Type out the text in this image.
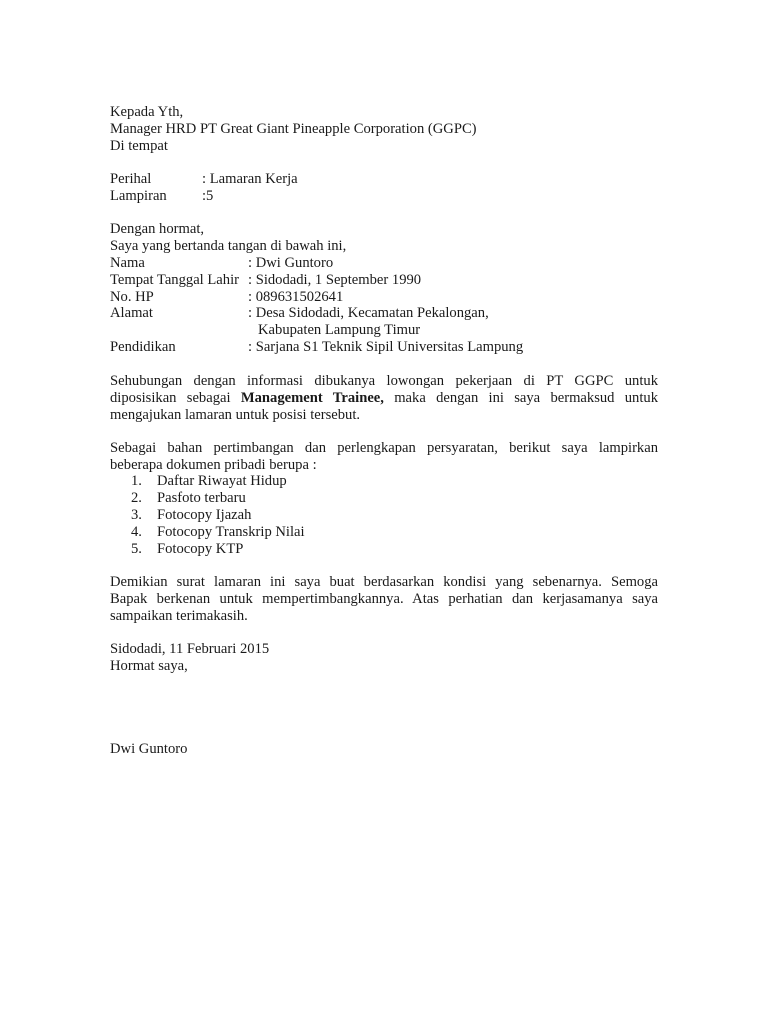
Kepada Yth,
Manager HRD PT Great Giant Pineapple Corporation (GGPC)
Di tempat
Perihal	: Lamaran Kerja
Lampiran :5
Dengan hormat,
Saya yang bertanda tangan di bawah ini,
Nama	: Dwi Guntoro
Tempat Tanggal Lahir : Sidodadi, 1 September 1990
No. HP	: 089631502641
Alamat	: Desa Sidodadi, Kecamatan Pekalongan,
Kabupaten Lampung Timur
Pendidikan	: Sarjana S1 Teknik Sipil Universitas Lampung
Sehubungan dengan informasi dibukanya lowongan pekerjaan di PT GGPC untuk
diposisikan sebagai Management Trainee, maka dengan ini saya bermaksud untuk
mengajukan lamaran untuk posisi tersebut.
Sebagai bahan pertimbangan dan perlengkapan persyaratan, berikut saya lampirkan
beberapa dokumen pribadi berupa :
1. Daftar Riwayat Hidup
2. Pasfoto terbaru
3. Fotocopy Ijazah
4. Fotocopy Transkrip Nilai
5. Fotocopy KTP
Demikian surat lamaran ini saya buat berdasarkan kondisi yang sebenarnya. Semoga
Bapak berkenan untuk mempertimbangkannya. Atas perhatian dan kerjasamanya saya
sampaikan terimakasih.
Sidodadi, 11 Februari 2015
Hormat saya,
Dwi Guntoro
